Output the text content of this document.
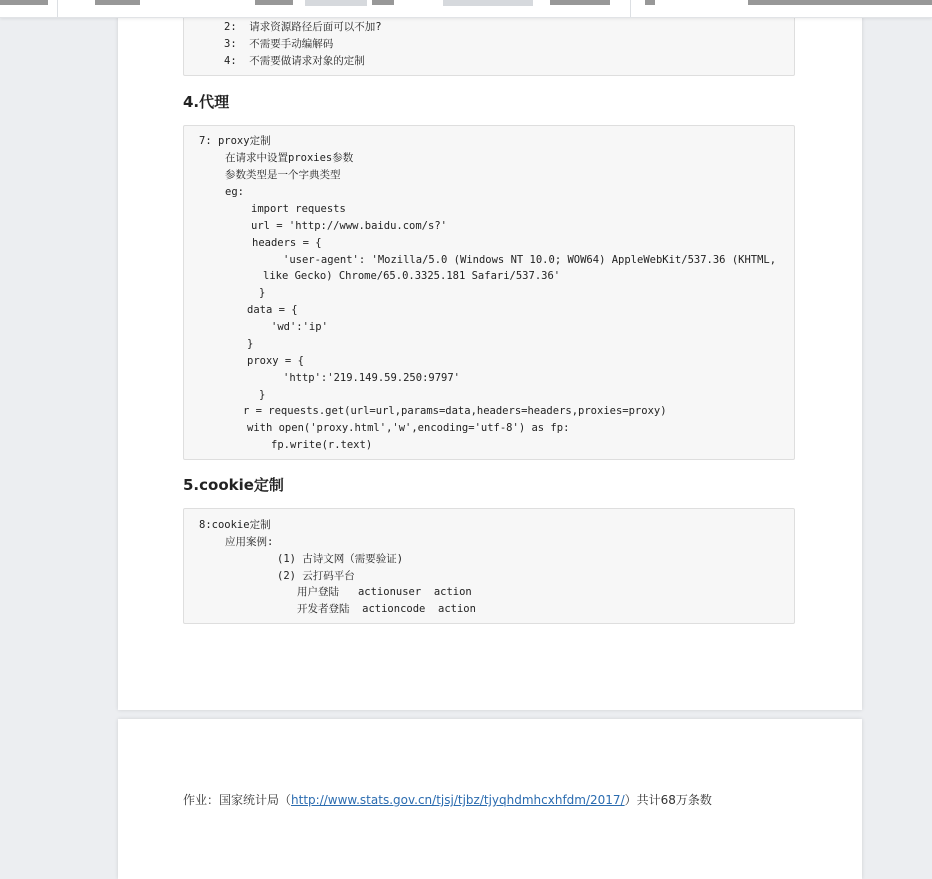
2:  请求资源路径后面可以不加?
3:  不需要手动编解码
4:  不需要做请求对象的定制
4.代理
7: proxy定制
在请求中设置proxies参数
参数类型是一个字典类型
eg:
import requests
url = 'http://www.baidu.com/s?'
headers = {
'user-agent': 'Mozilla/5.0 (Windows NT 10.0; WOW64) AppleWebKit/537.36 (KHTML,
like Gecko) Chrome/65.0.3325.181 Safari/537.36'
}
data = {
'wd':'ip'
}
proxy = {
'http':'219.149.59.250:9797'
}
r = requests.get(url=url,params=data,headers=headers,proxies=proxy)
with open('proxy.html','w',encoding='utf-8') as fp:
fp.write(r.text)
5.cookie定制
8:cookie定制
应用案例:
(1) 古诗文网（需要验证)
(2) 云打码平台
用户登陆   actionuser  action
开发者登陆  actioncode  action
作业：国家统计局（http://www.stats.gov.cn/tjsj/tjbz/tjyqhdmhcxhfdm/2017/）共计68万条数
